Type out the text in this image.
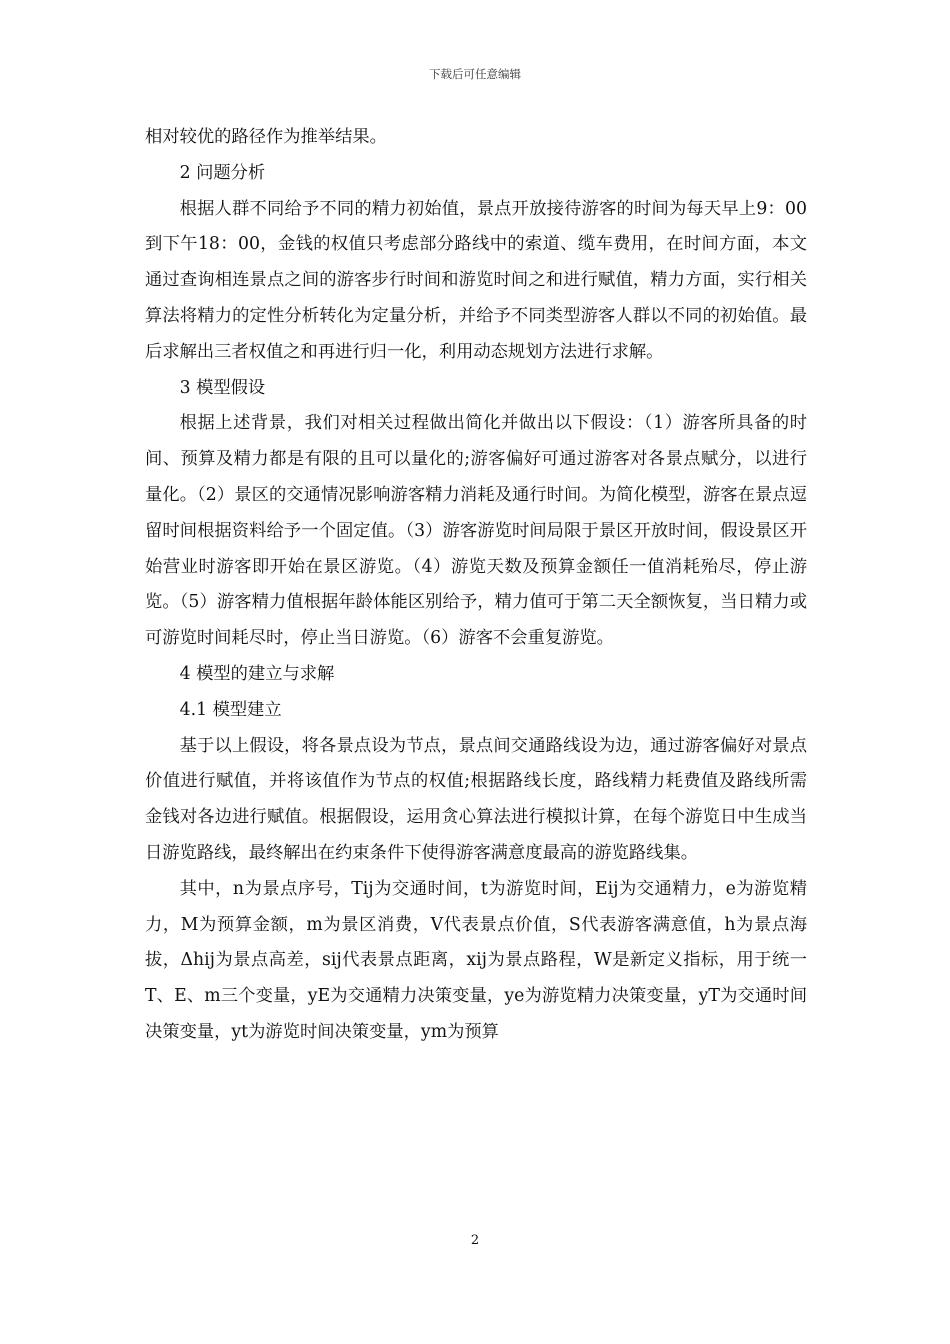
下载后可任意编辑

相对较优的路径作为推举结果。

2 问题分析

根据人群不同给予不同的精力初始值，景点开放接待游客的时间为每天早上9：00到下午18：00，金钱的权值只考虑部分路线中的索道、缆车费用，在时间方面，本文通过查询相连景点之间的游客步行时间和游览时间之和进行赋值，精力方面，实行相关算法将精力的定性分析转化为定量分析，并给予不同类型游客人群以不同的初始值。最后求解出三者权值之和再进行归一化，利用动态规划方法进行求解。

3 模型假设

根据上述背景，我们对相关过程做出简化并做出以下假设：（1）游客所具备的时间、预算及精力都是有限的且可以量化的;游客偏好可通过游客对各景点赋分，以进行量化。（2）景区的交通情况影响游客精力消耗及通行时间。为简化模型，游客在景点逗留时间根据资料给予一个固定值。（3）游客游览时间局限于景区开放时间，假设景区开始营业时游客即开始在景区游览。（4）游览天数及预算金额任一值消耗殆尽，停止游览。（5）游客精力值根据年龄体能区别给予，精力值可于第二天全额恢复，当日精力或可游览时间耗尽时，停止当日游览。（6）游客不会重复游览。

4 模型的建立与求解

4.1 模型建立

基于以上假设，将各景点设为节点，景点间交通路线设为边，通过游客偏好对景点价值进行赋值，并将该值作为节点的权值;根据路线长度，路线精力耗费值及路线所需金钱对各边进行赋值。根据假设，运用贪心算法进行模拟计算，在每个游览日中生成当日游览路线，最终解出在约束条件下使得游客满意度最高的游览路线集。

其中，n为景点序号，Tij为交通时间，t为游览时间，Eij为交通精力，e为游览精力，M为预算金额，m为景区消费，V代表景点价值，S代表游客满意值，h为景点海拔，Δhij为景点高差，sij代表景点距离，xij为景点路程，W是新定义指标，用于统一T、E、m三个变量，yE为交通精力决策变量，ye为游览精力决策变量，yT为交通时间决策变量，yt为游览时间决策变量，ym为预算

2
